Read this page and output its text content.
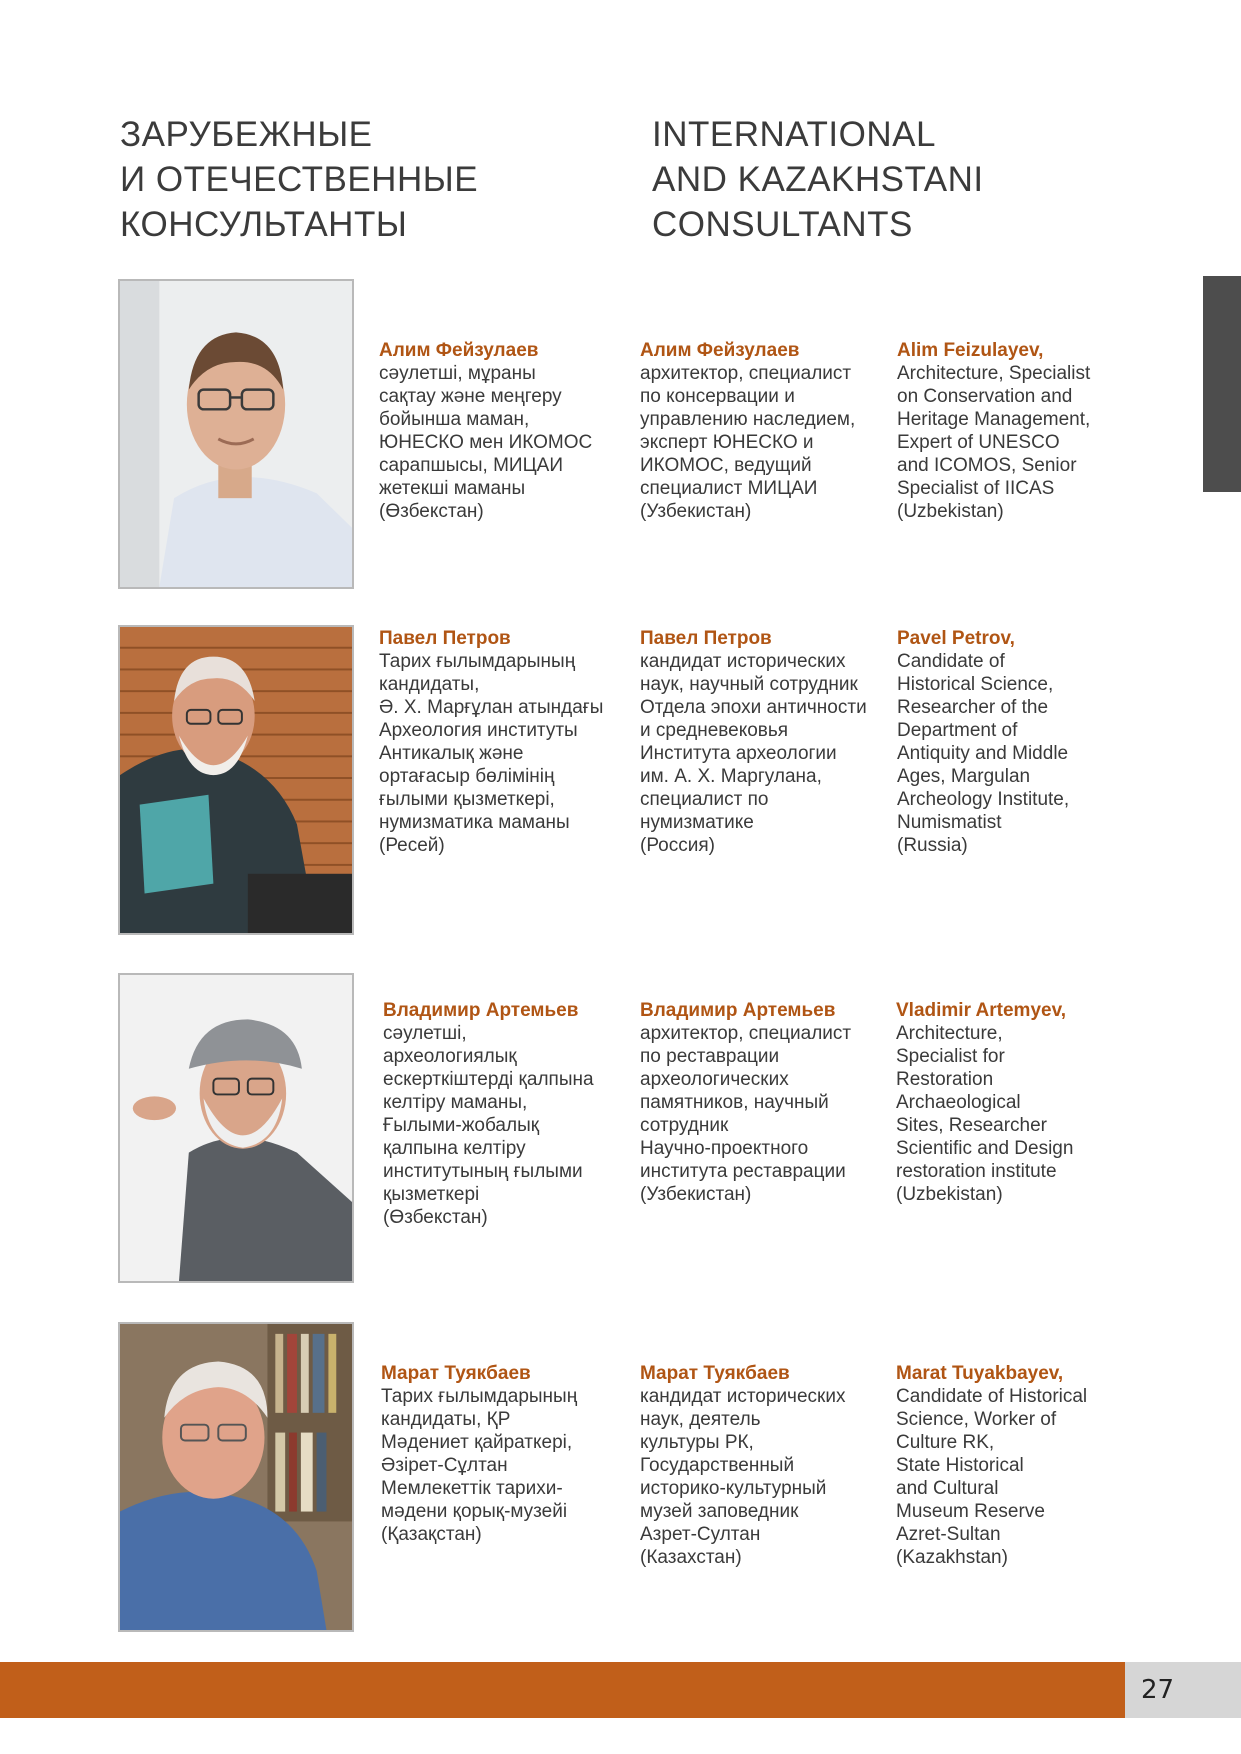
ЗАРУБЕЖНЫЕ
И ОТЕЧЕСТВЕННЫЕ
КОНСУЛЬТАНТЫ
INTERNATIONAL
AND KAZAKHSTANI
CONSULTANTS
Алим Фейзулаев
сәулетші, мұраны
сақтау және меңгеру
бойынша маман,
ЮНЕСКО мен ИКОМОС
сарапшысы, МИЦАИ
жетекші маманы
(Өзбекстан)
Алим Фейзулаев
архитектор, специалист
по консервации и
управлению наследием,
эксперт ЮНЕСКО и
ИКОМОС, ведущий
специалист МИЦАИ
(Узбекистан)
Alim Feizulayev,
Architecture, Specialist
on Conservation and
Heritage Management,
Expert of UNESCO
and ICOMOS, Senior
Specialist of IICAS
(Uzbekistan)
Павел Петров
Тарих ғылымдарының
кандидаты,
Ә. Х. Марғұлан атындағы
Археология институты
Антикалық және
ортағасыр бөлімінің
ғылыми қызметкері,
нумизматика маманы
(Ресей)
Павел Петров
кандидат исторических
наук, научный сотрудник
Отдела эпохи античности
и средневековья
Института археологии
им. А. Х. Маргулана,
специалист по
нумизматике
(Россия)
Pavel Petrov,
Candidate of
Historical Science,
Researcher of the
Department of
Antiquity and Middle
Ages, Margulan
Archeology Institute,
Numismatist
(Russia)
Владимир Артемьев
сәулетші,
археологиялық
ескерткіштерді қалпына
келтіру маманы,
Ғылыми-жобалық
қалпына келтіру
институтының ғылыми
қызметкері
(Өзбекстан)
Владимир Артемьев
архитектор, специалист
по реставрации
археологических
памятников, научный
сотрудник
Научно-проектного
института реставрации
(Узбекистан)
Vladimir Artemyev,
Architecture,
Specialist for
Restoration
Archaeological
Sites, Researcher
Scientific and Design
restoration institute
(Uzbekistan)
Марат Туякбаев
Тарих ғылымдарының
кандидаты, ҚР
Мәдениет қайраткері,
Әзірет-Сұлтан
Мемлекеттік тарихи-
мәдени қорық-музейі
(Қазақстан)
Марат Туякбаев
кандидат исторических
наук, деятель
культуры РК,
Государственный
историко-культурный
музей заповедник
Азрет-Султан
(Казахстан)
Marat Tuyakbayev,
Candidate of Historical
Science, Worker of
Culture RK,
State Historical
and Cultural
Museum Reserve
Azret-Sultan
(Kazakhstan)
27
